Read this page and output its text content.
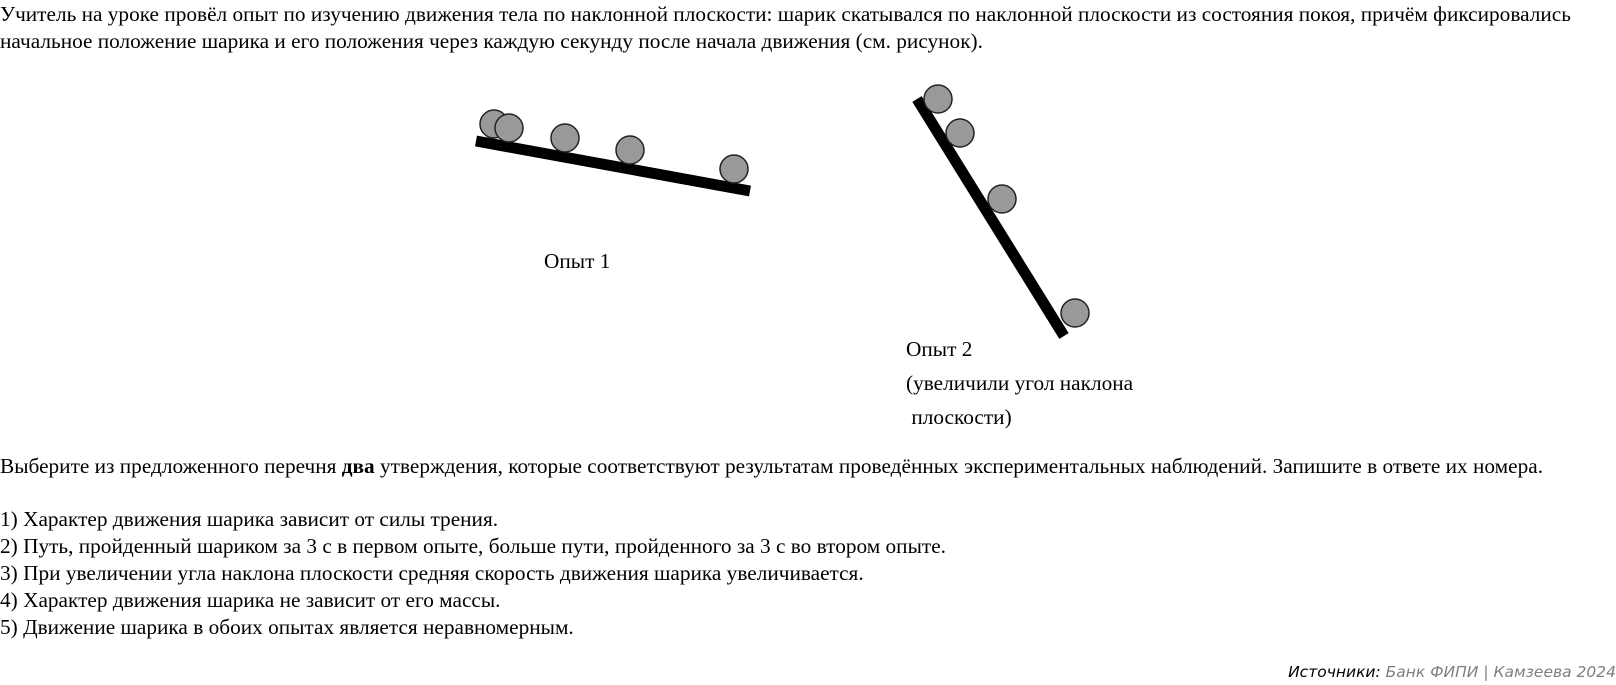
Учитель на уроке провёл опыт по изучению движения тела по наклонной плоскости: шарик скатывался по наклонной плоскости из состояния покоя, причём фиксировались начальное положение шарика и его положения через каждую секунду после начала движения (см. рисунок).

Опыт 1
Опыт 2
(увеличили угол наклона
плоскости)

Выберите из предложенного перечня два утверждения, которые соответствуют результатам проведённых экспериментальных наблюдений. Запишите в ответе их номера.

1) Характер движения шарика зависит от силы трения.
2) Путь, пройденный шариком за 3 с в первом опыте, больше пути, пройденного за 3 с во втором опыте.
3) При увеличении угла наклона плоскости средняя скорость движения шарика увеличивается.
4) Характер движения шарика не зависит от его массы.
5) Движение шарика в обоих опытах является неравномерным.
Источники: Банк ФИПИ | Камзеева 2024
